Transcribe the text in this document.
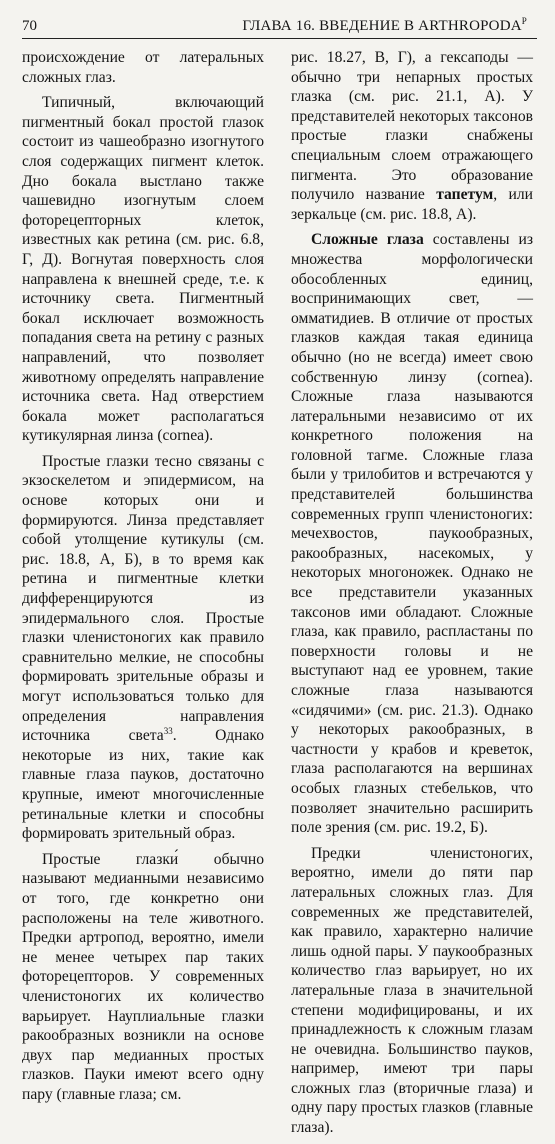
70	ГЛАВА 16. ВВЕДЕНИЕ В $ARTHROPODA^P$

происхождение от латеральных сложных глаз.

Типичный, включающий пигментный бокал простой глазок состоит из чашеобразно изогнутого слоя содержащих пигмент клеток. Дно бокала выстлано также чашевидно изогнутым слоем фоторецепторных клеток, известных как ретина (см. рис. 6.8, Г, Д). Вогнутая поверхность слоя направлена к внешней среде, т.е. к источнику света. Пигментный бокал исключает возможность попадания света на ретину с разных направлений, что позволяет животному определять направление источника света. Над отверстием бокала может располагаться кутикулярная линза (cornea).

Простые глазки тесно связаны с экзоскелетом и эпидермисом, на основе которых они и формируются. Линза представляет собой утолщение кутикулы (см. рис. 18.8, А, Б), в то время как ретина и пигментные клетки дифференцируются из эпидермального слоя. Простые глазки членистоногих как правило сравнительно мелкие, не способны формировать зрительные образы и могут использоваться только для определения направления источника света$^{33}$. Однако некоторые из них, такие как главные глаза пауков, достаточно крупные, имеют многочисленные ретинальные клетки и способны формировать зрительный образ.

Простые глазки́ обычно называют медианными независимо от того, где конкретно они расположены на теле животного. Предки артропод, вероятно, имели не менее четырех пар таких фоторецепторов. У современных членистоногих их количество варьирует. Науплиальные глазки ракообразных возникли на основе двух пар медианных простых глазков. Пауки имеют всего одну пару (главные глаза; см.

рис. 18.27, В, Г), а гексаподы — обычно три непарных простых глазка (см. рис. 21.1, А). У представителей некоторых таксонов простые глазки снабжены специальным слоем отражающего пигмента. Это образование получило название тапетум, или зеркальце (см. рис. 18.8, А).

Сложные глаза составлены из множества морфологически обособленных единиц, воспринимающих свет, — омматидиев. В отличие от простых глазков каждая такая единица обычно (но не всегда) имеет свою собственную линзу (cornea). Сложные глаза называются латеральными независимо от их конкретного положения на головной тагме. Сложные глаза были у трилобитов и встречаются у представителей большинства современных групп членистоногих: мечехвостов, паукообразных, ракообразных, насекомых, у некоторых многоножек. Однако не все представители указанных таксонов ими обладают. Сложные глаза, как правило, распластаны по поверхности головы и не выступают над ее уровнем, такие сложные глаза называются «сидячими» (см. рис. 21.3). Однако у некоторых ракообразных, в частности у крабов и креветок, глаза располагаются на вершинах особых глазных стебельков, что позволяет значительно расширить поле зрения (см. рис. 19.2, Б).

Предки членистоногих, вероятно, имели до пяти пар латеральных сложных глаз. Для современных же представителей, как правило, характерно наличие лишь одной пары. У паукообразных количество глаз варьирует, но их латеральные глаза в значительной степени модифицированы, и их принадлежность к сложным глазам не очевидна. Большинство пауков, например, имеют три пары сложных глаз (вторичные глаза) и одну пару простых глазков (главные глаза).
